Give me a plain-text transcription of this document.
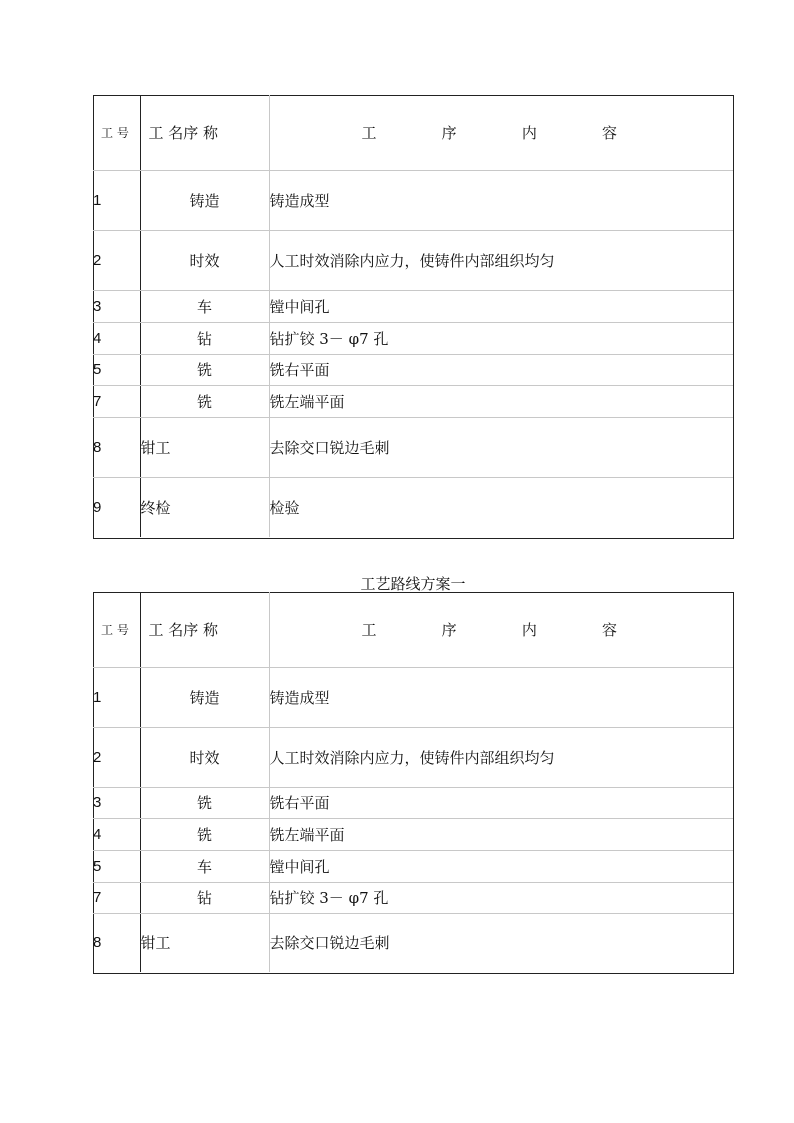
工 号	工 名序 称	工 序 内 容

1	铸造	铸造成型
2	时效	人工时效消除内应力，使铸件内部组织均匀
3	车	镗中间孔
4	钻	钻扩铰 3－ φ7 孔
5	铣	铣右平面
7	铣	铣左端平面
8	钳工	去除交口锐边毛刺
9	终检	检验
工艺路线方案一
工 号	工 名序 称	工 序 内 容

1	铸造	铸造成型
2	时效	人工时效消除内应力，使铸件内部组织均匀
3	铣	铣右平面
4	铣	铣左端平面
5	车	镗中间孔
7	钻	钻扩铰 3－ φ7 孔
8	钳工	去除交口锐边毛刺
